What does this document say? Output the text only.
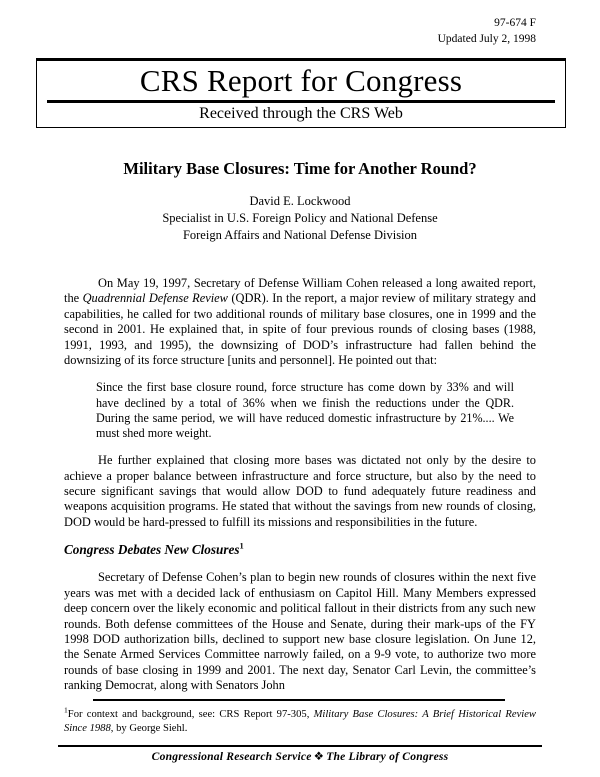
97-674 F
Updated July 2, 1998
CRS Report for Congress
Received through the CRS Web
Military Base Closures: Time for Another Round?
David E. Lockwood
Specialist in U.S. Foreign Policy and National Defense
Foreign Affairs and National Defense Division

On May 19, 1997, Secretary of Defense William Cohen released a long awaited report, the Quadrennial Defense Review (QDR). In the report, a major review of military strategy and capabilities, he called for two additional rounds of military base closures, one in 1999 and the second in 2001. He explained that, in spite of four previous rounds of closing bases (1988, 1991, 1993, and 1995), the downsizing of DOD’s infrastructure had fallen behind the downsizing of its force structure [units and personnel]. He pointed out that:

Since the first base closure round, force structure has come down by 33% and will have declined by a total of 36% when we finish the reductions under the QDR. During the same period, we will have reduced domestic infrastructure by 21%.... We must shed more weight.

He further explained that closing more bases was dictated not only by the desire to achieve a proper balance between infrastructure and force structure, but also by the need to secure significant savings that would allow DOD to fund adequately future readiness and weapons acquisition programs. He stated that without the savings from new rounds of closing, DOD would be hard-pressed to fulfill its missions and responsibilities in the future.

Congress Debates New Closures$^1$

Secretary of Defense Cohen’s plan to begin new rounds of closures within the next five years was met with a decided lack of enthusiasm on Capitol Hill. Many Members expressed deep concern over the likely economic and political fallout in their districts from any such new rounds. Both defense committees of the House and Senate, during their mark-ups of the FY 1998 DOD authorization bills, declined to support new base closure legislation. On June 12, the Senate Armed Services Committee narrowly failed, on a 9-9 vote, to authorize two more rounds of base closing in 1999 and 2001. The next day, Senator Carl Levin, the committee’s ranking Democrat, along with Senators John

$^1$For context and background, see: CRS Report 97-305, Military Base Closures: A Brief Historical Review Since 1988, by George Siehl.
Congressional Research Service ❖ The Library of Congress
